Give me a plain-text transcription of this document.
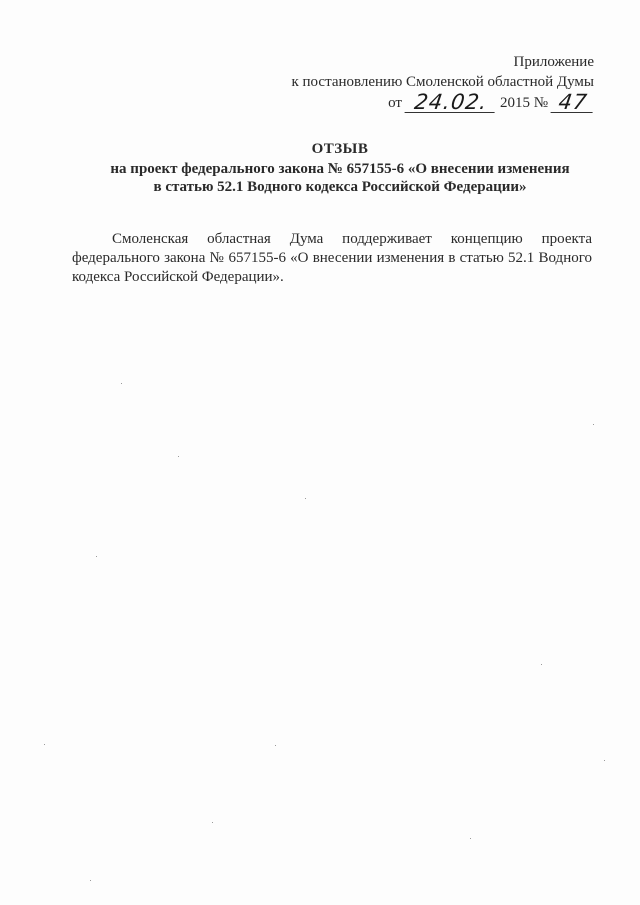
Приложение
к постановлению Смоленской областной Думы
от 24.02. 2015 № 47
ОТЗЫВ
на проект федерального закона № 657155-6 «О внесении изменения
в статью 52.1 Водного кодекса Российской Федерации»

Смоленская областная Дума поддерживает концепцию проекта федерального закона № 657155-6 «О внесении изменения в статью 52.1 Водного кодекса Российской Федерации».
